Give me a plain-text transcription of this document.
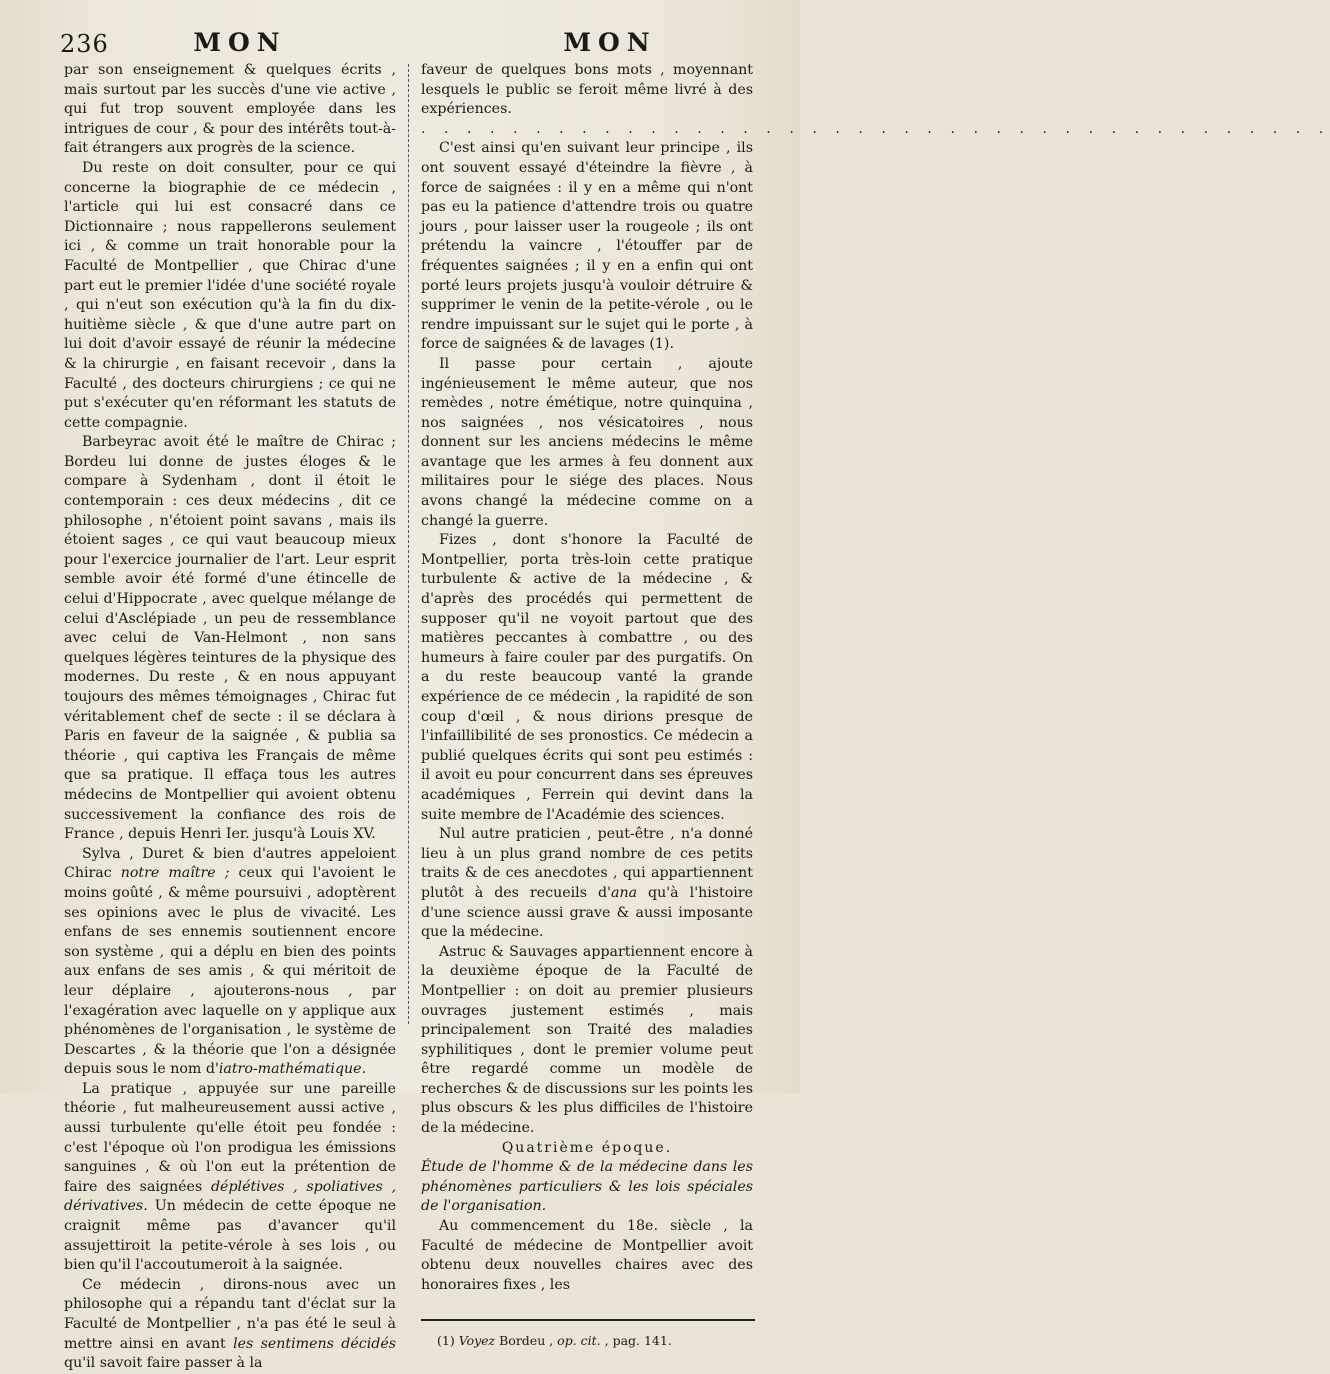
236	MON	MON

par son enseignement & quelques écrits , mais surtout par les succès d'une vie active , qui fut trop souvent employée dans les intrigues de cour , & pour des intérêts tout-à-fait étrangers aux progrès de la science.

Du reste on doit consulter, pour ce qui concerne la biographie de ce médecin , l'article qui lui est consacré dans ce Dictionnaire ; nous rappellerons seulement ici , & comme un trait honorable pour la Faculté de Montpellier , que Chirac d'une part eut le premier l'idée d'une société royale , qui n'eut son exécution qu'à la fin du dix-huitième siècle , & que d'une autre part on lui doit d'avoir essayé de réunir la médecine & la chirurgie , en faisant recevoir , dans la Faculté , des docteurs chirurgiens ; ce qui ne put s'exécuter qu'en réformant les statuts de cette compagnie.

Barbeyrac avoit été le maître de Chirac ; Bordeu lui donne de justes éloges & le compare à Sydenham , dont il étoit le contemporain : ces deux médecins , dit ce philosophe , n'étoient point savans , mais ils étoient sages , ce qui vaut beaucoup mieux pour l'exercice journalier de l'art. Leur esprit semble avoir été formé d'une étincelle de celui d'Hippocrate , avec quelque mélange de celui d'Asclépiade , un peu de ressemblance avec celui de Van-Helmont , non sans quelques légères teintures de la physique des modernes. Du reste , & en nous appuyant toujours des mêmes témoignages , Chirac fut véritablement chef de secte : il se déclara à Paris en faveur de la saignée , & publia sa théorie , qui captiva les Français de même que sa pratique. Il effaça tous les autres médecins de Montpellier qui avoient obtenu successivement la confiance des rois de France , depuis Henri Ier. jusqu'à Louis XV.

Sylva , Duret & bien d'autres appeloient Chirac notre maître ; ceux qui l'avoient le moins goûté , & même poursuivi , adoptèrent ses opinions avec le plus de vivacité. Les enfans de ses ennemis soutiennent encore son système , qui a déplu en bien des points aux enfans de ses amis , & qui méritoit de leur déplaire , ajouterons-nous , par l'exagération avec laquelle on y applique aux phénomènes de l'organisation , le système de Descartes , & la théorie que l'on a désignée depuis sous le nom d'iatro-mathématique.

La pratique , appuyée sur une pareille théorie , fut malheureusement aussi active , aussi turbulente qu'elle étoit peu fondée : c'est l'époque où l'on prodigua les émissions sanguines , & où l'on eut la prétention de faire des saignées déplétives , spoliatives , dérivatives. Un médecin de cette époque ne craignit même pas d'avancer qu'il assujettiroit la petite-vérole à ses lois , ou bien qu'il l'accoutumeroit à la saignée.

Ce médecin , dirons-nous avec un philosophe qui a répandu tant d'éclat sur la Faculté de Montpellier , n'a pas été le seul à mettre ainsi en avant les sentimens décidés qu'il savoit faire passer à la

faveur de quelques bons mots , moyennant lesquels le public se feroit même livré à des expériences.

. . . . . . . . . . . . . . . . . . . . . . . . . . . . . . . . . . . . . . . .

C'est ainsi qu'en suivant leur principe , ils ont souvent essayé d'éteindre la fièvre , à force de saignées : il y en a même qui n'ont pas eu la patience d'attendre trois ou quatre jours , pour laisser user la rougeole ; ils ont prétendu la vaincre , l'étouffer par de fréquentes saignées ; il y en a enfin qui ont porté leurs projets jusqu'à vouloir détruire & supprimer le venin de la petite-vérole , ou le rendre impuissant sur le sujet qui le porte , à force de saignées & de lavages (1).

Il passe pour certain , ajoute ingénieusement le même auteur, que nos remèdes , notre émétique, notre quinquina , nos saignées , nos vésicatoires , nous donnent sur les anciens médecins le même avantage que les armes à feu donnent aux militaires pour le siége des places. Nous avons changé la médecine comme on a changé la guerre.

Fizes , dont s'honore la Faculté de Montpellier, porta très-loin cette pratique turbulente & active de la médecine , & d'après des procédés qui permettent de supposer qu'il ne voyoit partout que des matières peccantes à combattre , ou des humeurs à faire couler par des purgatifs. On a du reste beaucoup vanté la grande expérience de ce médecin , la rapidité de son coup d'œil , & nous dirions presque de l'infaillibilité de ses pronostics. Ce médecin a publié quelques écrits qui sont peu estimés : il avoit eu pour concurrent dans ses épreuves académiques , Ferrein qui devint dans la suite membre de l'Académie des sciences.

Nul autre praticien , peut-être , n'a donné lieu à un plus grand nombre de ces petits traits & de ces anecdotes , qui appartiennent plutôt à des recueils d'ana qu'à l'histoire d'une science aussi grave & aussi imposante que la médecine.

Astruc & Sauvages appartiennent encore à la deuxième époque de la Faculté de Montpellier : on doit au premier plusieurs ouvrages justement estimés , mais principalement son Traité des maladies syphilitiques , dont le premier volume peut être regardé comme un modèle de recherches & de discussions sur les points les plus obscurs & les plus difficiles de l'histoire de la médecine.

Quatrième époque.

Étude de l'homme & de la médecine dans les phénomènes particuliers & les lois spéciales de l'organisation.

Au commencement du 18e. siècle , la Faculté de médecine de Montpellier avoit obtenu deux nouvelles chaires avec des honoraires fixes , les

(1) Voyez Bordeu , op. cit. , pag. 141.
